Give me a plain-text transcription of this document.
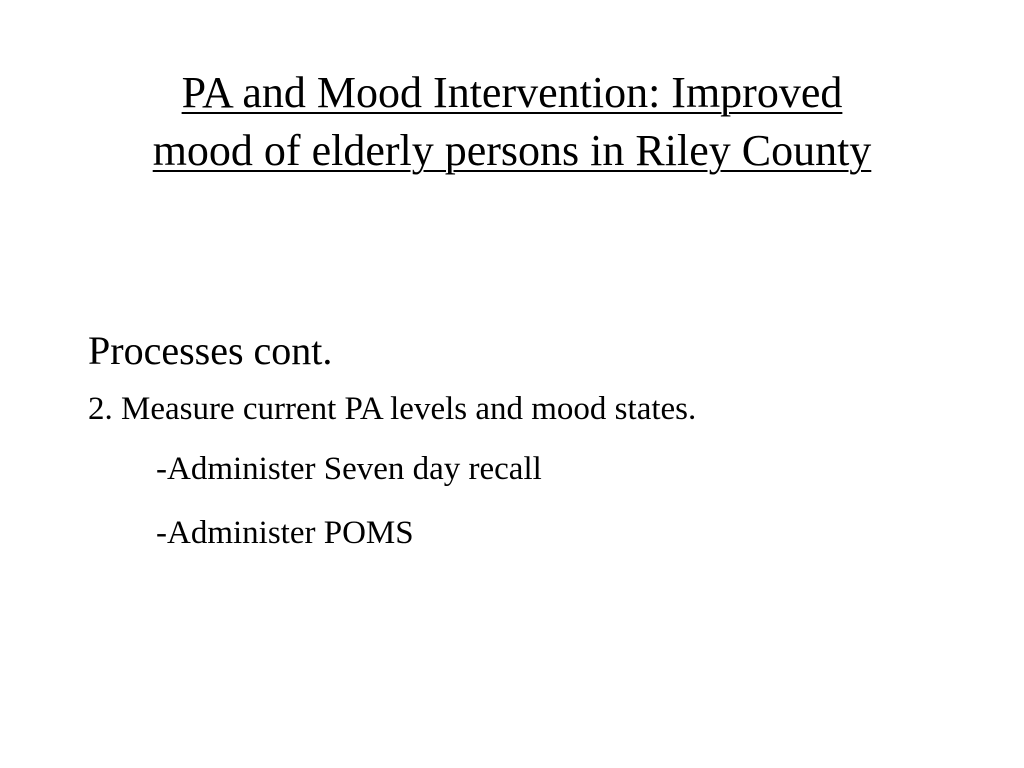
PA and Mood Intervention: Improved
mood of elderly persons in Riley County

Processes cont.

2. Measure current PA levels and mood states.

-Administer Seven day recall

-Administer POMS
